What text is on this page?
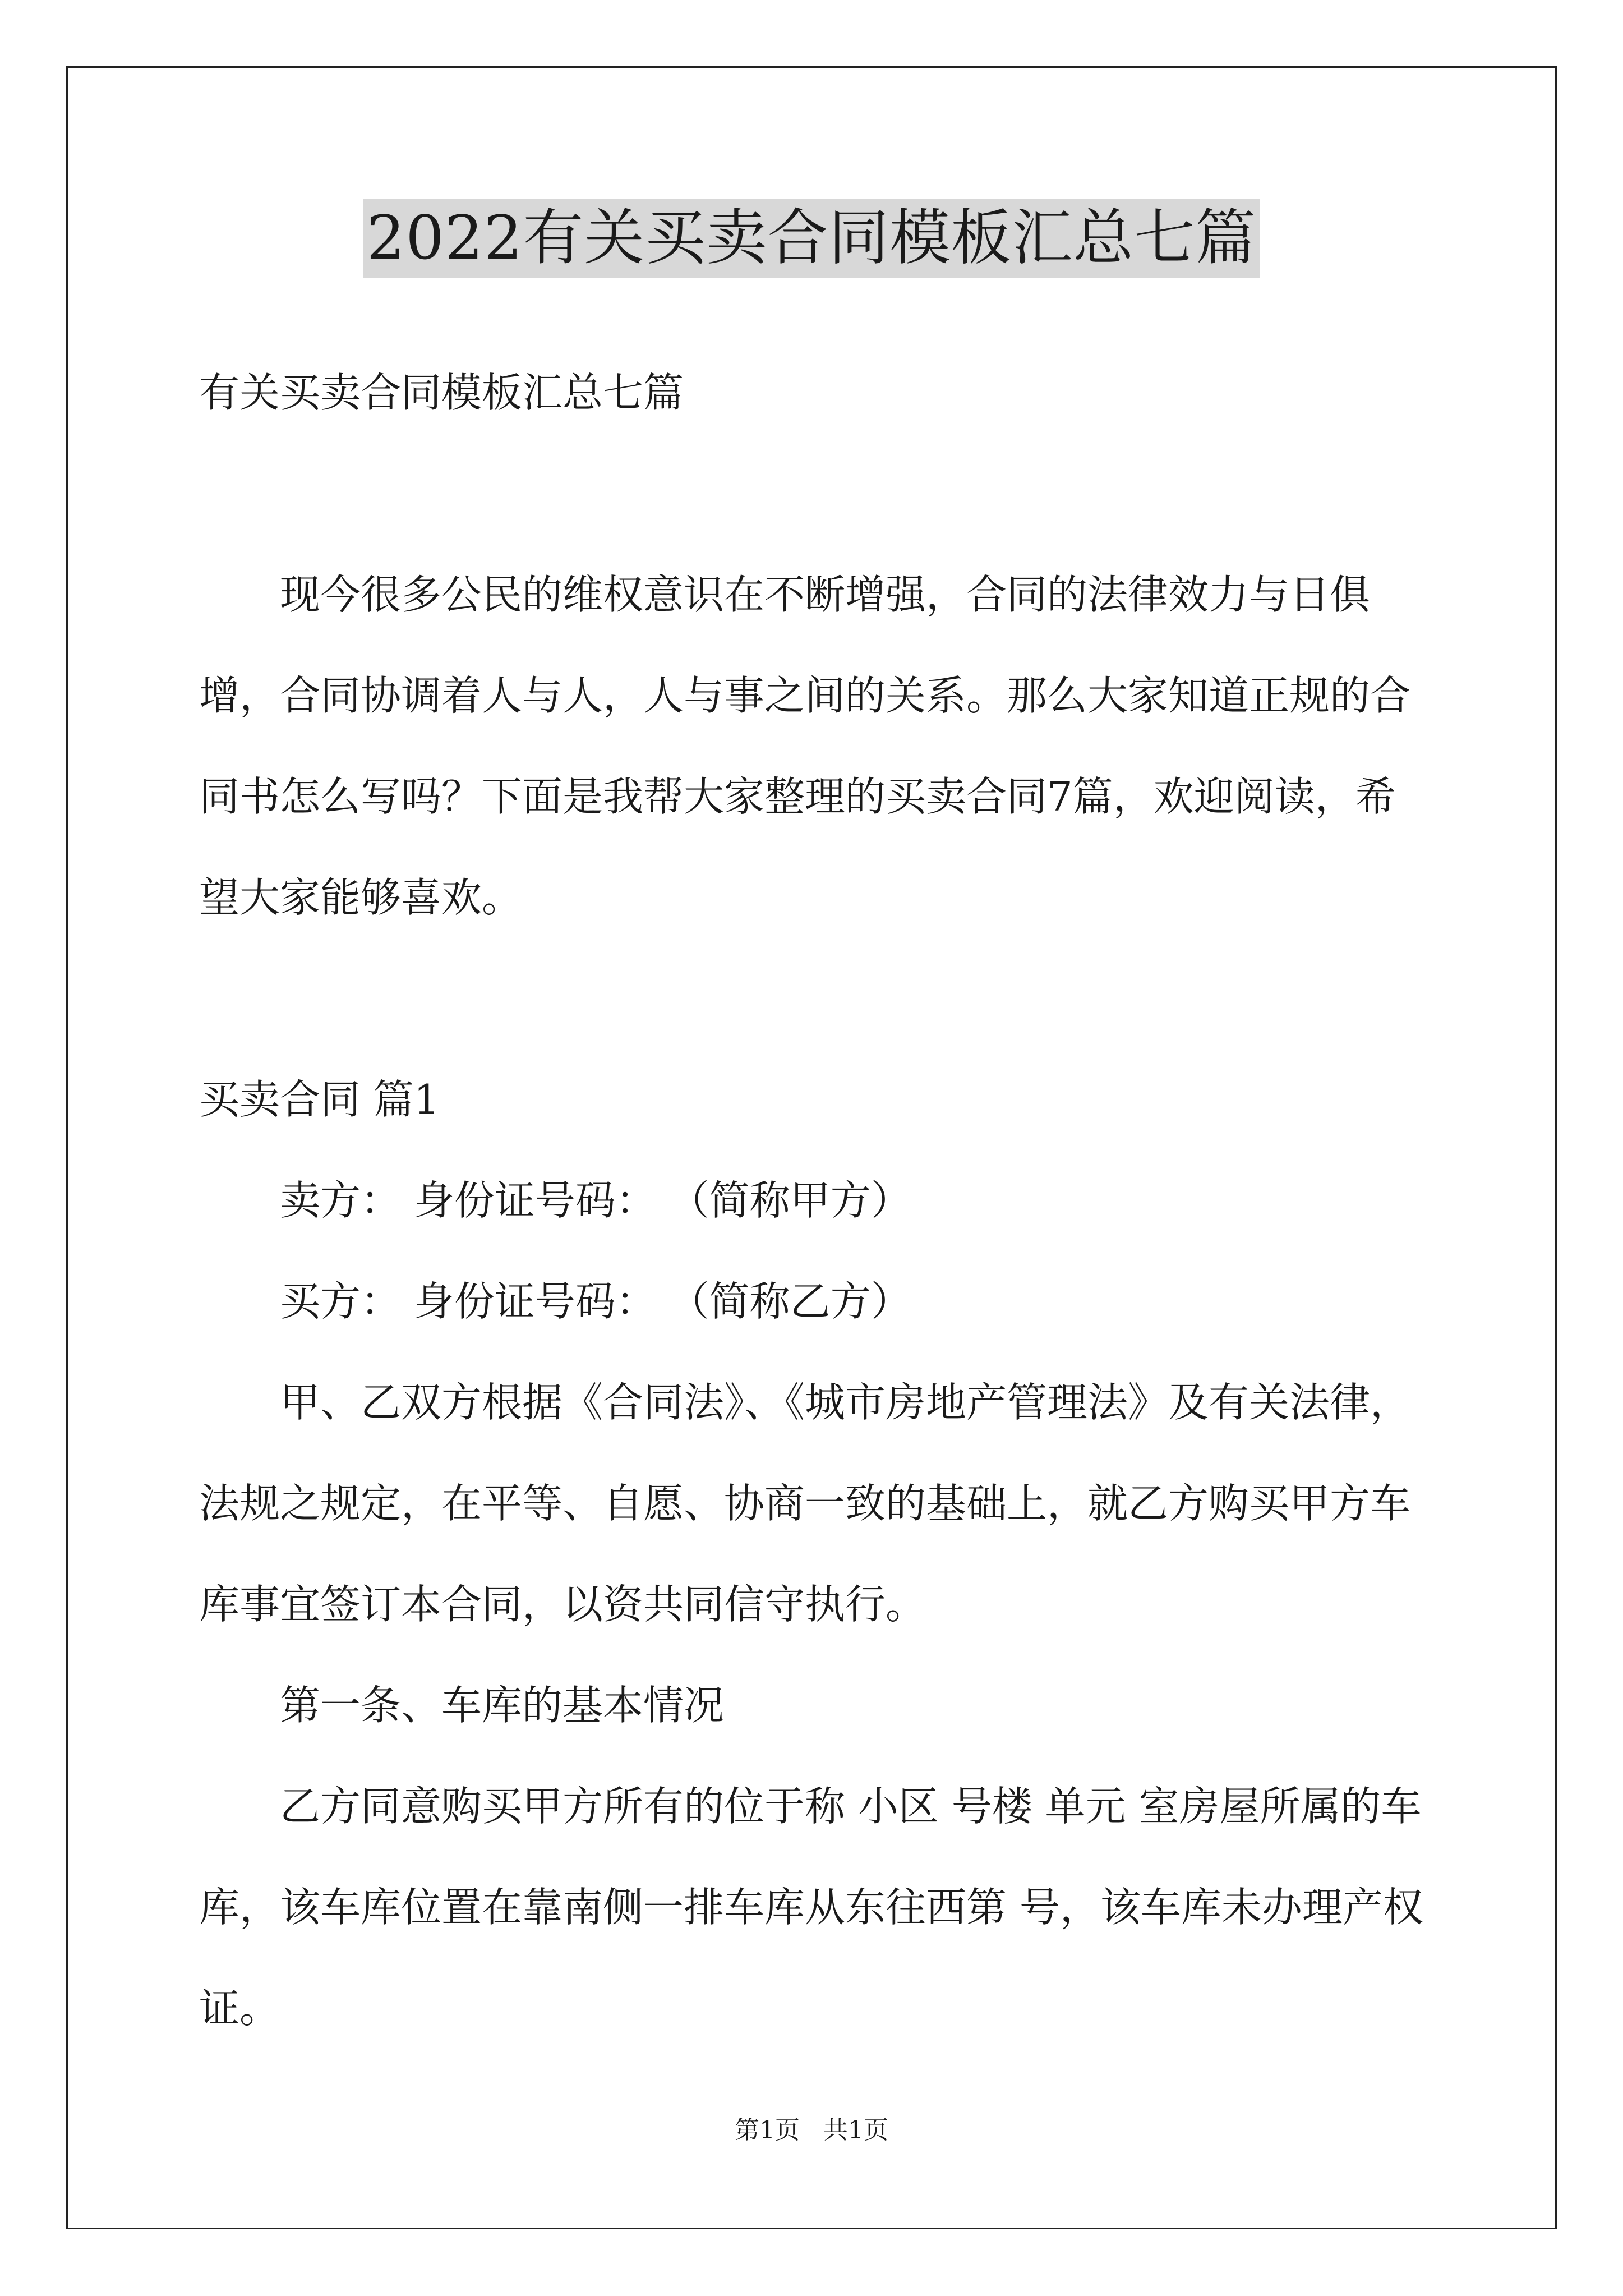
2022有关买卖合同模板汇总七篇

有关买卖合同模板汇总七篇

现今很多公民的维权意识在不断增强，合同的法律效力与日俱增，合同协调着人与人，人与事之间的关系。那么大家知道正规的合同书怎么写吗？下面是我帮大家整理的买卖合同7篇，欢迎阅读，希望大家能够喜欢。

买卖合同 篇1

卖方： 身份证号码： （简称甲方）

买方： 身份证号码： （简称乙方）

甲、乙双方根据《合同法》、《城市房地产管理法》及有关法律，法规之规定，在平等、自愿、协商一致的基础上，就乙方购买甲方车库事宜签订本合同，以资共同信守执行。

第一条、车库的基本情况

乙方同意购买甲方所有的位于称 小区 号楼 单元 室房屋所属的车库，该车库位置在靠南侧一排车库从东往西第 号，该车库未办理产权证。

第1页   共1页
